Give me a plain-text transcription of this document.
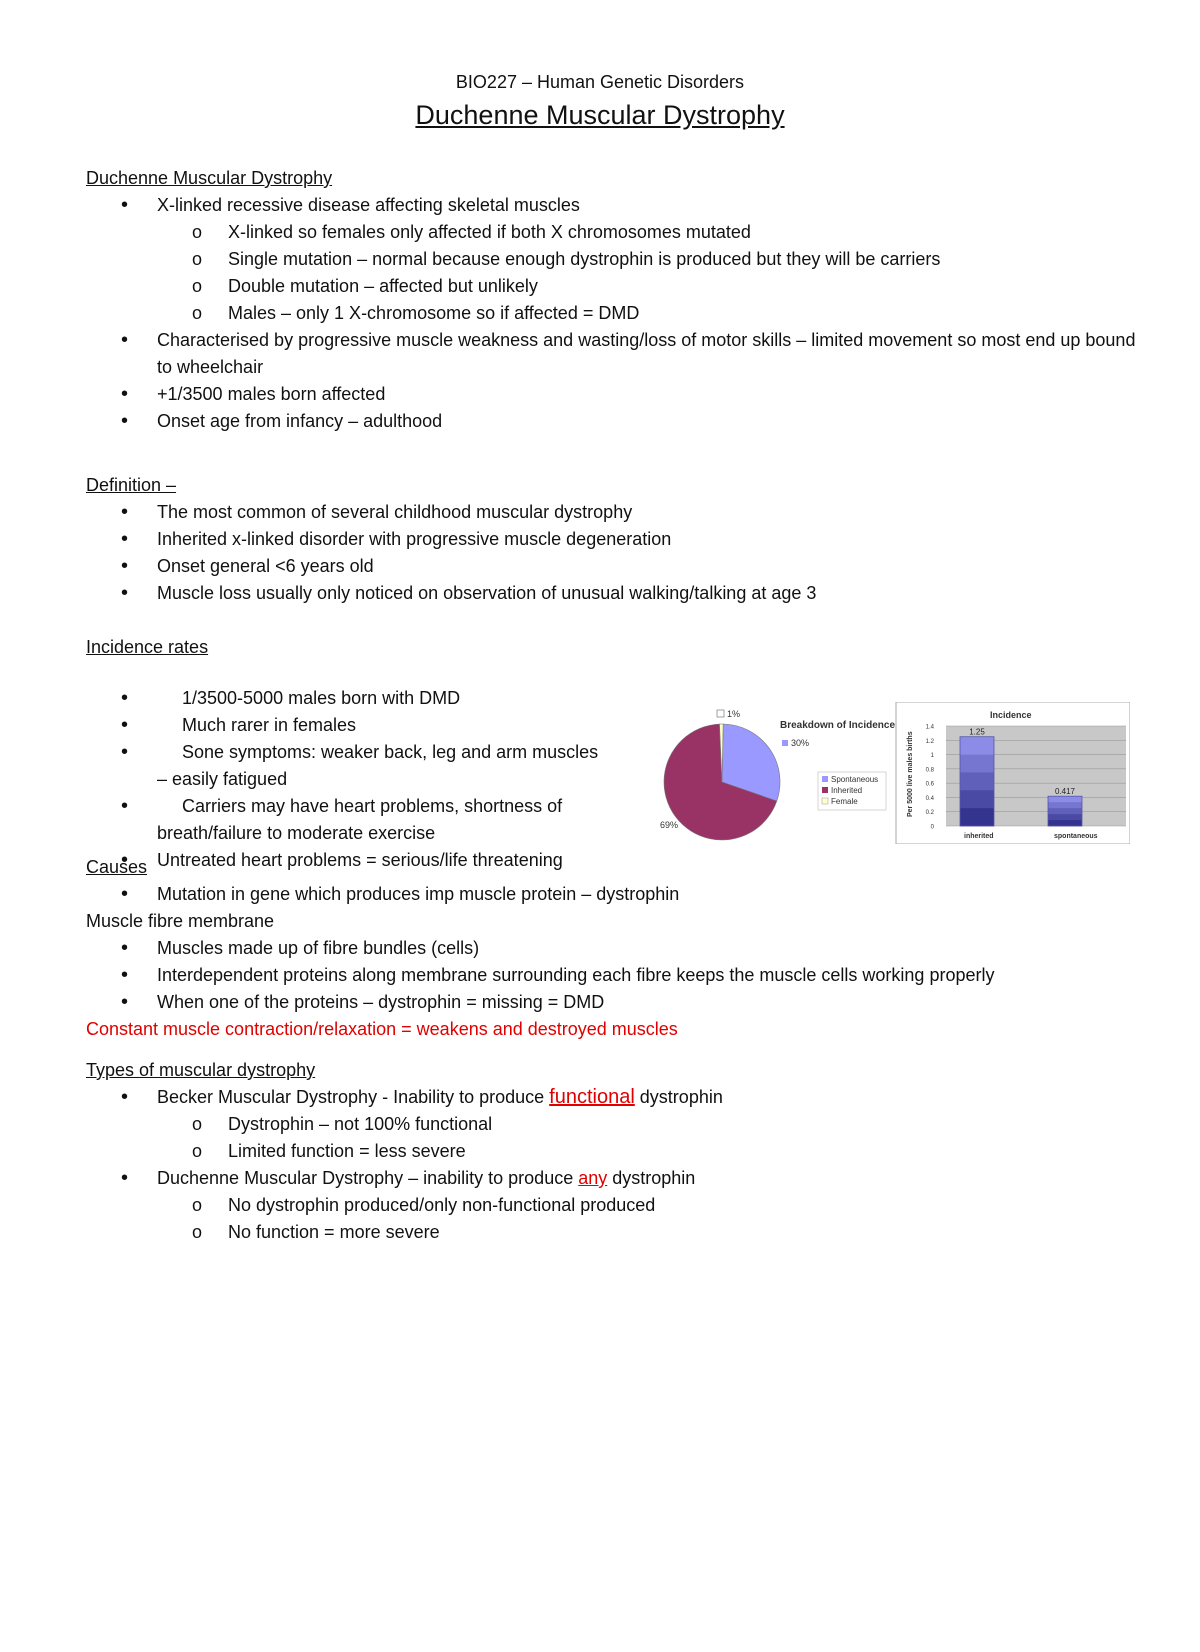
BIO227 – Human Genetic Disorders
Duchenne Muscular Dystrophy
Duchenne Muscular Dystrophy
• X-linked recessive disease affecting skeletal muscles
o X-linked so females only affected if both X chromosomes mutated
o Single mutation – normal because enough dystrophin is produced but they will be carriers
o Double mutation – affected but unlikely
o Males – only 1 X-chromosome so if affected = DMD
• Characterised by progressive muscle weakness and wasting/loss of motor skills – limited movement so most end up bound to wheelchair
• +1/3500 males born affected
• Onset age from infancy – adulthood
Definition –
• The most common of several childhood muscular dystrophy
• Inherited x-linked disorder with progressive muscle degeneration
• Onset general <6 years old
• Muscle loss usually only noticed on observation of unusual walking/talking at age 3
Incidence rates
• 1/3500-5000 males born with DMD
• Much rarer in females
• Sone symptoms: weaker back, leg and arm muscles
– easily fatigued
• Carriers may have heart problems, shortness of
breath/failure to moderate exercise
• Untreated heart problems = serious/life threatening
Breakdown of Incidence
1%
30%
69%
Spontaneous
Inherited
Female
Incidence
Per 5000 live males births
0
0.2
0.4
0.6
0.8
1
1.2
1.4
1.25
0.417
inherited	spontaneous
Causes
• Mutation in gene which produces imp muscle protein – dystrophin
Muscle fibre membrane
• Muscles made up of fibre bundles (cells)
• Interdependent proteins along membrane surrounding each fibre keeps the muscle cells working properly
• When one of the proteins – dystrophin = missing = DMD
Constant muscle contraction/relaxation = weakens and destroyed muscles
Types of muscular dystrophy
• Becker Muscular Dystrophy - Inability to produce functional dystrophin
o Dystrophin – not 100% functional
o Limited function = less severe
• Duchenne Muscular Dystrophy – inability to produce any dystrophin
o No dystrophin produced/only non-functional produced
o No function = more severe
